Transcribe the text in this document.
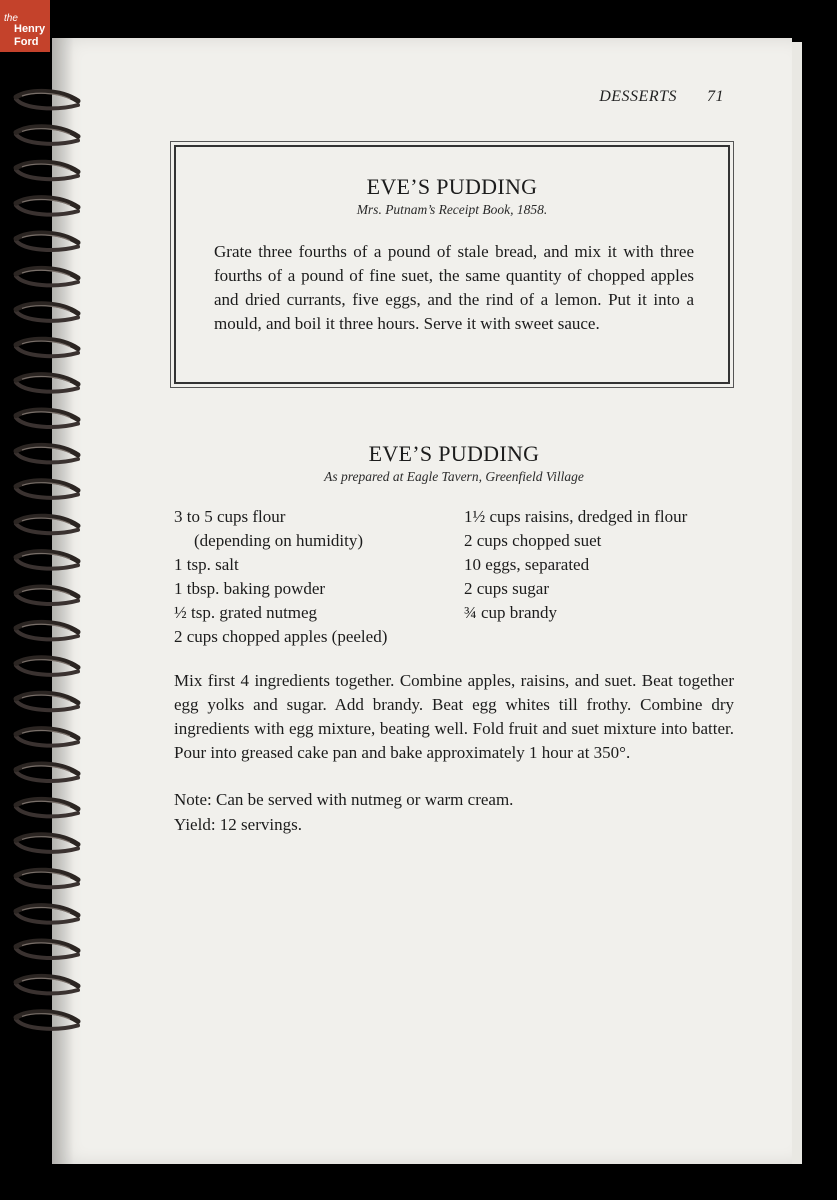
the
Henry
Ford
DESSERTS 71
EVE’S PUDDING
Mrs. Putnam’s Receipt Book, 1858.
Grate three fourths of a pound of stale bread, and mix it with three fourths of a pound of fine suet, the same quantity of chopped apples and dried currants, five eggs, and the rind of a lemon. Put it into a mould, and boil it three hours. Serve it with sweet sauce.
EVE’S PUDDING
As prepared at Eagle Tavern, Greenfield Village
3 to 5 cups flour
(depending on humidity)
1 tsp. salt
1 tbsp. baking powder
½ tsp. grated nutmeg
2 cups chopped apples (peeled)
1½ cups raisins, dredged in flour
2 cups chopped suet
10 eggs, separated
2 cups sugar
¾ cup brandy
Mix first 4 ingredients together. Combine apples, raisins, and suet. Beat together egg yolks and sugar. Add brandy. Beat egg whites till frothy. Combine dry ingredients with egg mixture, beating well. Fold fruit and suet mixture into batter. Pour into greased cake pan and bake approximately 1 hour at 350°.
Note: Can be served with nutmeg or warm cream.
Yield: 12 servings.
